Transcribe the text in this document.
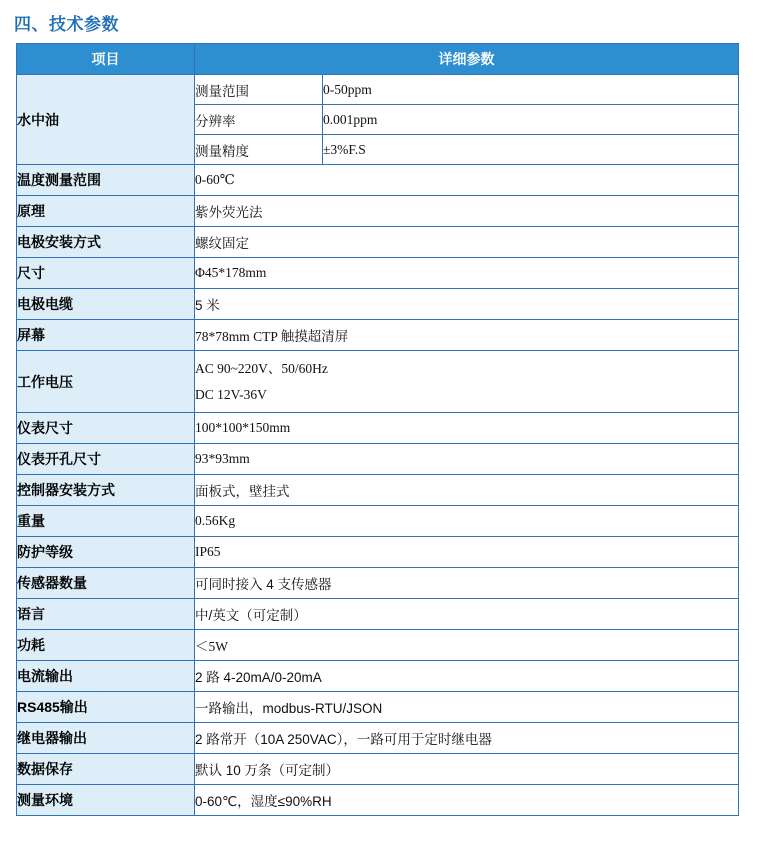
四、技术参数
项目	详细参数	
水中油	测量范围	0-50ppm
	分辨率	0.001ppm
	测量精度	±3%F.S
温度测量范围	0-60℃	
原理	紫外荧光法	
电极安装方式	螺纹固定	
尺寸	Φ45*178mm	
电极电缆	5 米	
屏幕	78*78mm CTP 触摸超清屏	
工作电压	AC 90~220V、50/60Hz
DC 12V-36V	

仪表尺寸	100*100*150mm	
仪表开孔尺寸	93*93mm	
控制器安装方式	面板式，壁挂式	
重量	0.56Kg	
防护等级	IP65	
传感器数量	可同时接入 4 支传感器	
语言	中/英文（可定制）	
功耗	＜5W	
电流输出	2 路 4-20mA/0-20mA	
RS485输出	一路输出，modbus-RTU/JSON	
继电器输出	2 路常开（10A 250VAC），一路可用于定时继电器	
数据保存	默认 10 万条（可定制）	
测量环境	0-60℃，湿度≤90%RH	
